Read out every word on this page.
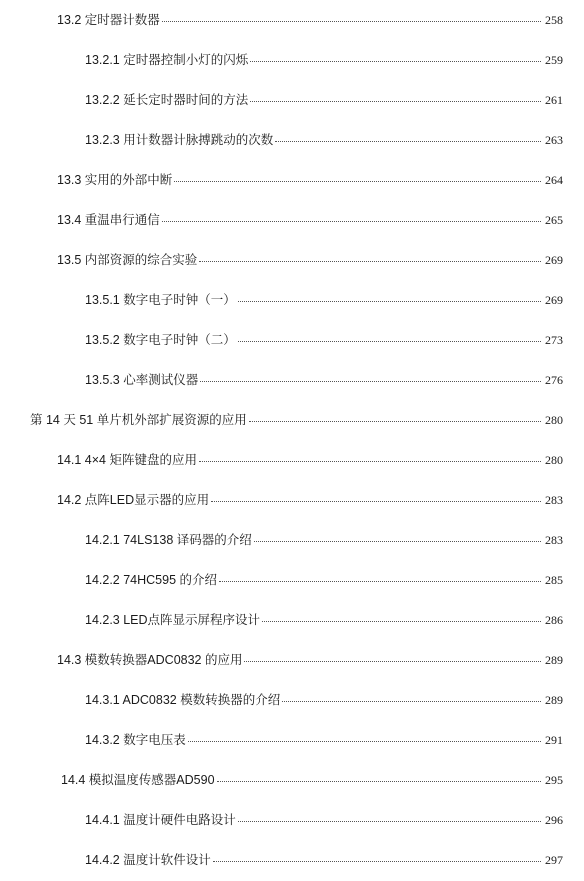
13.2 定时器计数器	258
13.2.1 定时器控制小灯的闪烁	259
13.2.2 延长定时器时间的方法	261
13.2.3 用计数器计脉搏跳动的次数	263
13.3 实用的外部中断	264
13.4 重温串行通信	265
13.5 内部资源的综合实验	269
13.5.1 数字电子时钟（一）	269
13.5.2 数字电子时钟（二）	273
13.5.3 心率测试仪器	276
第 14 天 51 单片机外部扩展资源的应用	280
14.1 4×4 矩阵键盘的应用	280
14.2 点阵LED显示器的应用	283
14.2.1 74LS138 译码器的介绍	283
14.2.2 74HC595 的介绍	285
14.2.3 LED点阵显示屏程序设计	286
14.3 模数转换器ADC0832 的应用	289
14.3.1 ADC0832 模数转换器的介绍	289
14.3.2 数字电压表	291
14.4 模拟温度传感器AD590	295
14.4.1 温度计硬件电路设计	296
14.4.2 温度计软件设计	297
